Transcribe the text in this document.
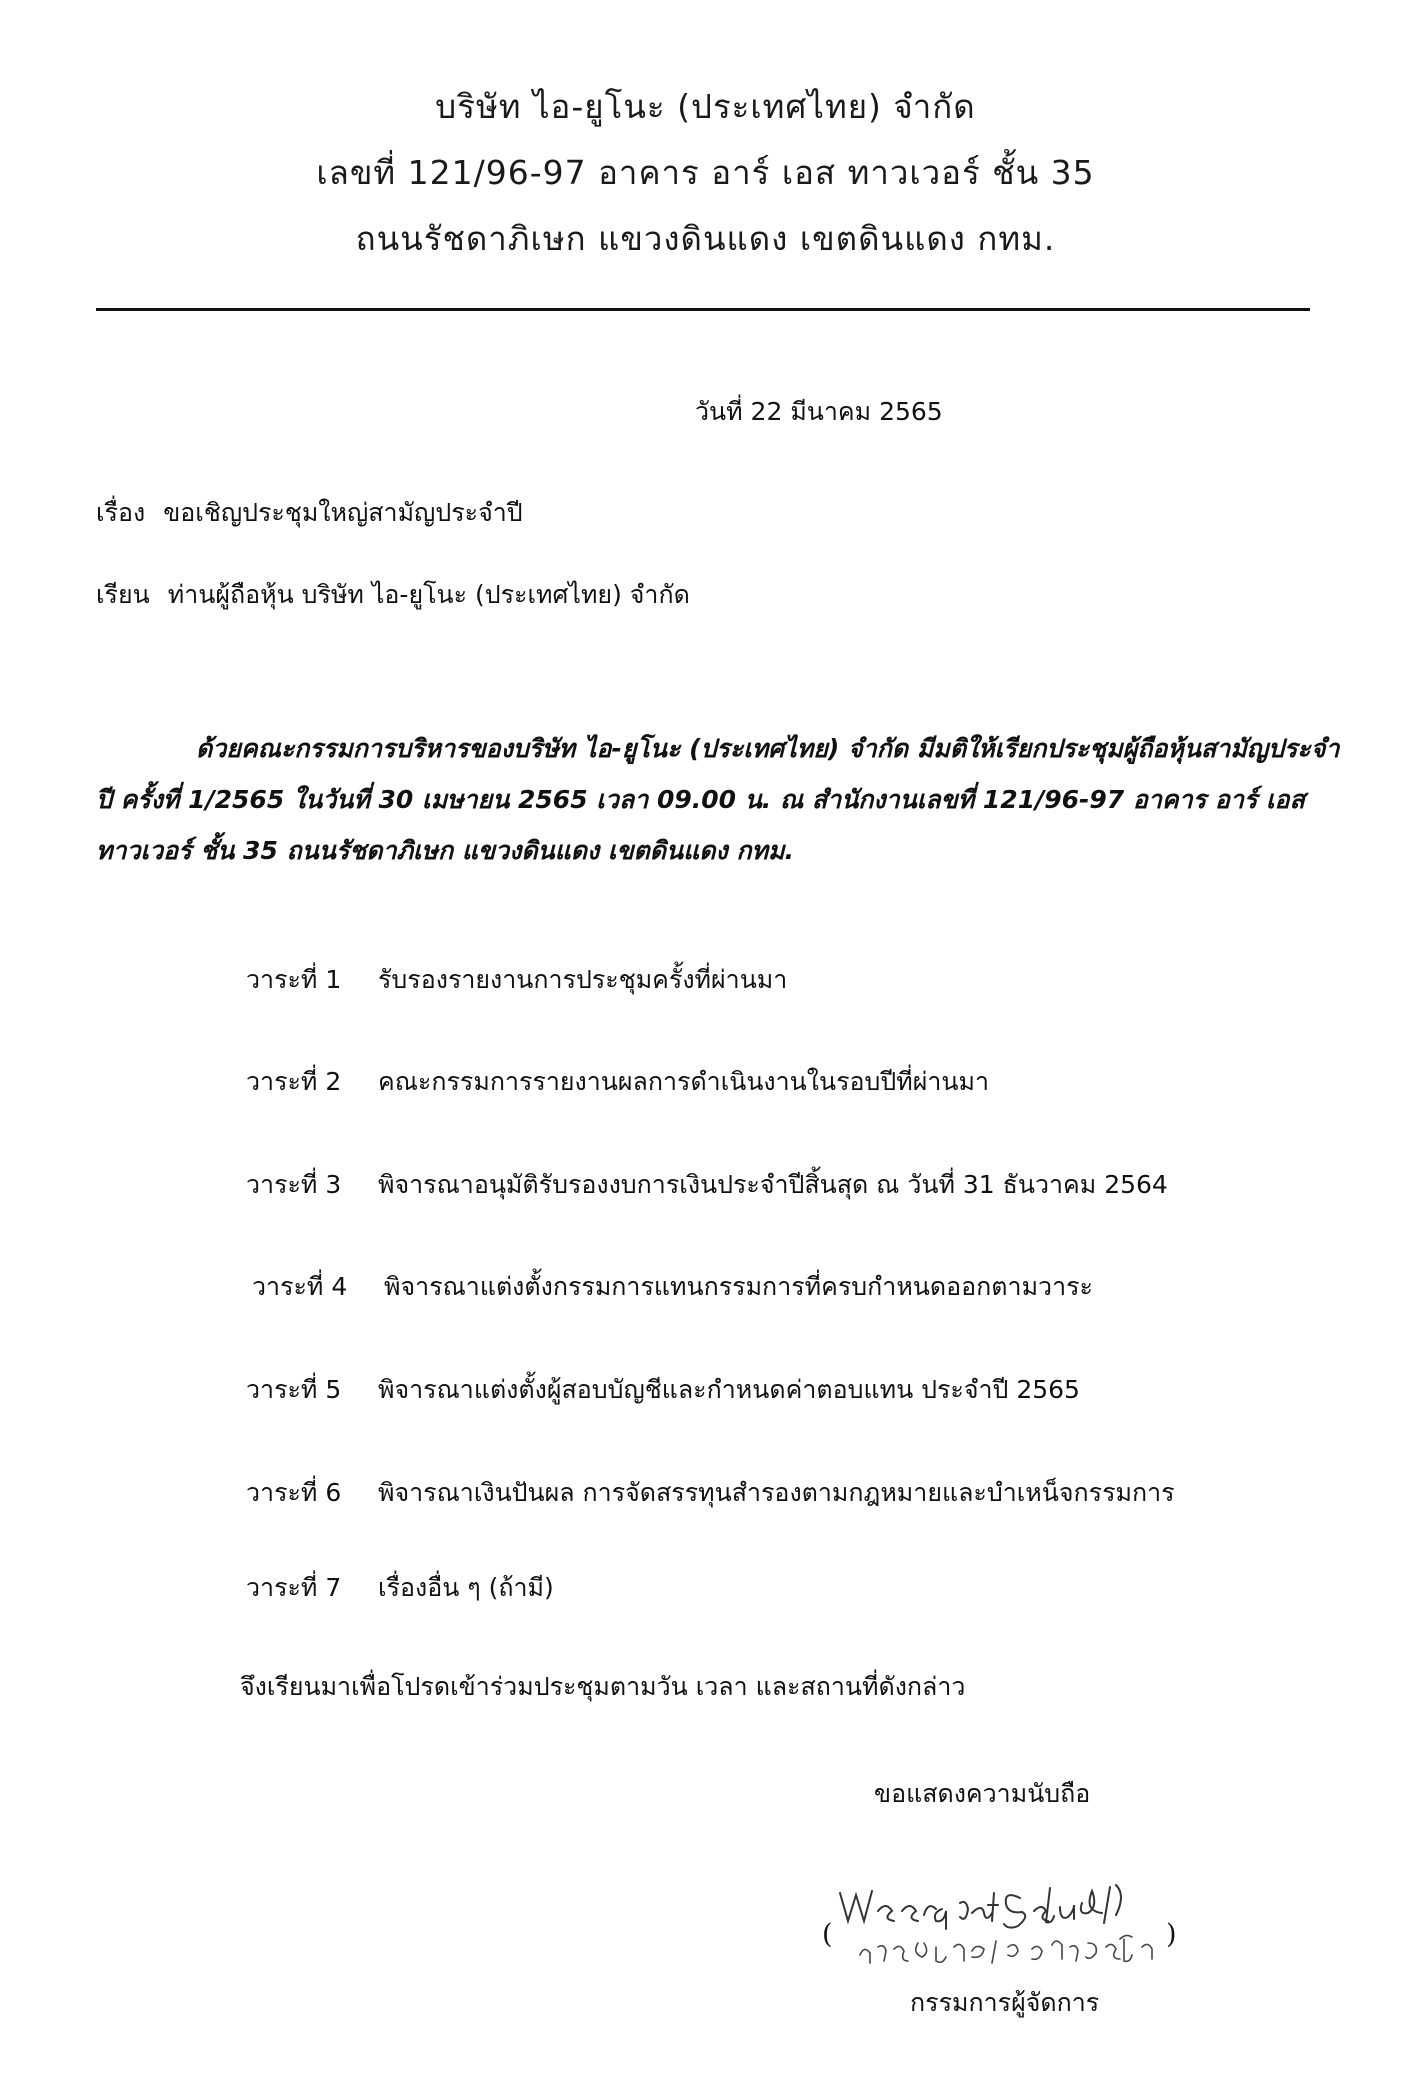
บริษัท ไอ-ยูโนะ (ประเทศไทย) จำกัด
เลขที่ 121/96-97 อาคาร อาร์ เอส ทาวเวอร์ ชั้น 35
ถนนรัชดาภิเษก แขวงดินแดง เขตดินแดง กทม.
วันที่ 22 มีนาคม 2565
เรื่อง ขอเชิญประชุมใหญ่สามัญประจำปี
เรียน ท่านผู้ถือหุ้น บริษัท ไอ-ยูโนะ (ประเทศไทย) จำกัด
ด้วยคณะกรรมการบริหารของบริษัท ไอ-ยูโนะ (ประเทศไทย) จำกัด มีมติให้เรียกประชุมผู้ถือหุ้นสามัญประจำปี ครั้งที่ 1/2565 ในวันที่ 30 เมษายน 2565 เวลา 09.00 น. ณ สำนักงานเลขที่ 121/96-97 อาคาร อาร์ เอส ทาวเวอร์ ชั้น 35 ถนนรัชดาภิเษก แขวงดินแดง เขตดินแดง กทม.
วาระที่ 1 รับรองรายงานการประชุมครั้งที่ผ่านมา
วาระที่ 2 คณะกรรมการรายงานผลการดำเนินงานในรอบปีที่ผ่านมา
วาระที่ 3 พิจารณาอนุมัติรับรองงบการเงินประจำปีสิ้นสุด ณ วันที่ 31 ธันวาคม 2564
วาระที่ 4 พิจารณาแต่งตั้งกรรมการแทนกรรมการที่ครบกำหนดออกตามวาระ
วาระที่ 5 พิจารณาแต่งตั้งผู้สอบบัญชีและกำหนดค่าตอบแทน ประจำปี 2565
วาระที่ 6 พิจารณาเงินปันผล การจัดสรรทุนสำรองตามกฎหมายและบำเหน็จกรรมการ
วาระที่ 7 เรื่องอื่น ๆ (ถ้ามี)
จึงเรียนมาเพื่อโปรดเข้าร่วมประชุมตามวัน เวลา และสถานที่ดังกล่าว
ขอแสดงความนับถือ
(	)
กรรมการผู้จัดการ
